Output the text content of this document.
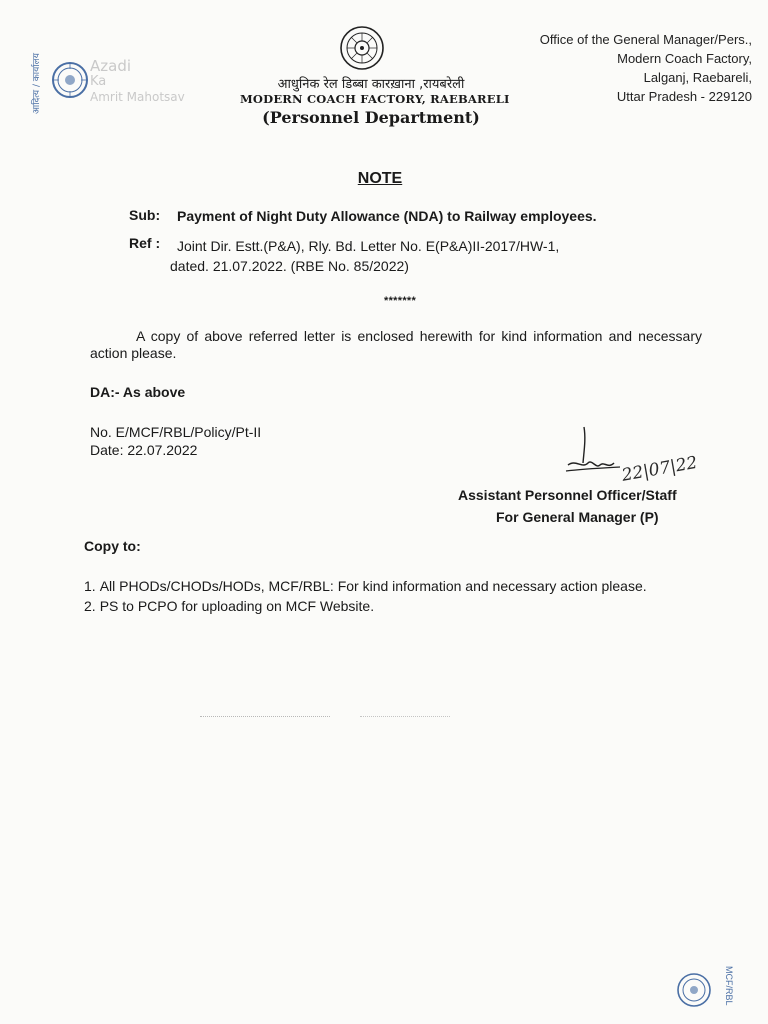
आदित्य / कार्यालय	Azadi
Ka
Amrit Mahotsav
आधुनिक रेल डिब्बा कारख़ाना ,रायबरेली
MODERN COACH FACTORY, RAEBARELI
(Personnel Department)
Office of the General Manager/Pers.,
Modern Coach Factory,
Lalganj, Raebareli,
Uttar Pradesh - 229120
NOTE
Sub: Payment of Night Duty Allowance (NDA) to Railway employees.
Ref : Joint Dir. Estt.(P&A), Rly. Bd. Letter No. E(P&A)II-2017/HW-1,
dated. 21.07.2022. (RBE No. 85/2022)
*******
A copy of above referred letter is enclosed herewith for kind information and necessary action please.
DA:- As above
No. E/MCF/RBL/Policy/Pt-II
Date: 22.07.2022
22|07|22
Assistant Personnel Officer/Staff
For General Manager (P)
Copy to:
1. All PHODs/CHODs/HODs, MCF/RBL: For kind information and necessary action please.
2. PS to PCPO for uploading on MCF Website.
MCF/RBL
